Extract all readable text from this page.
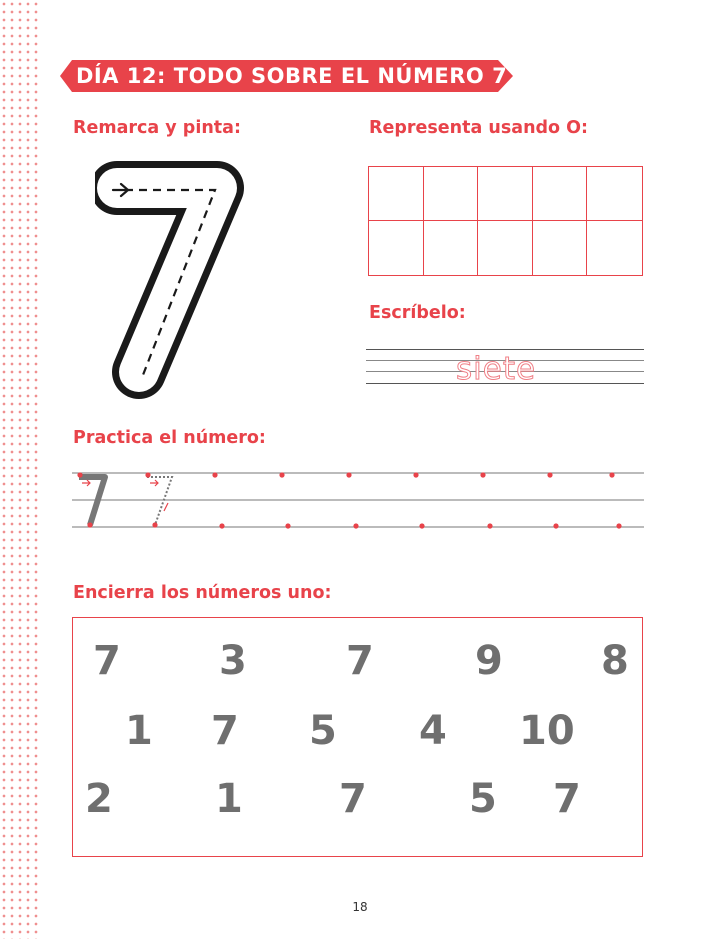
DÍA 12: TODO SOBRE EL NÚMERO 7
Remarca y pinta:	Representa usando O:
Escríbelo:
Practica el número:
Encierra los números uno:
siete
7 3 7	9 8
1 7 5 4 10
2	1 7	5 7
18
